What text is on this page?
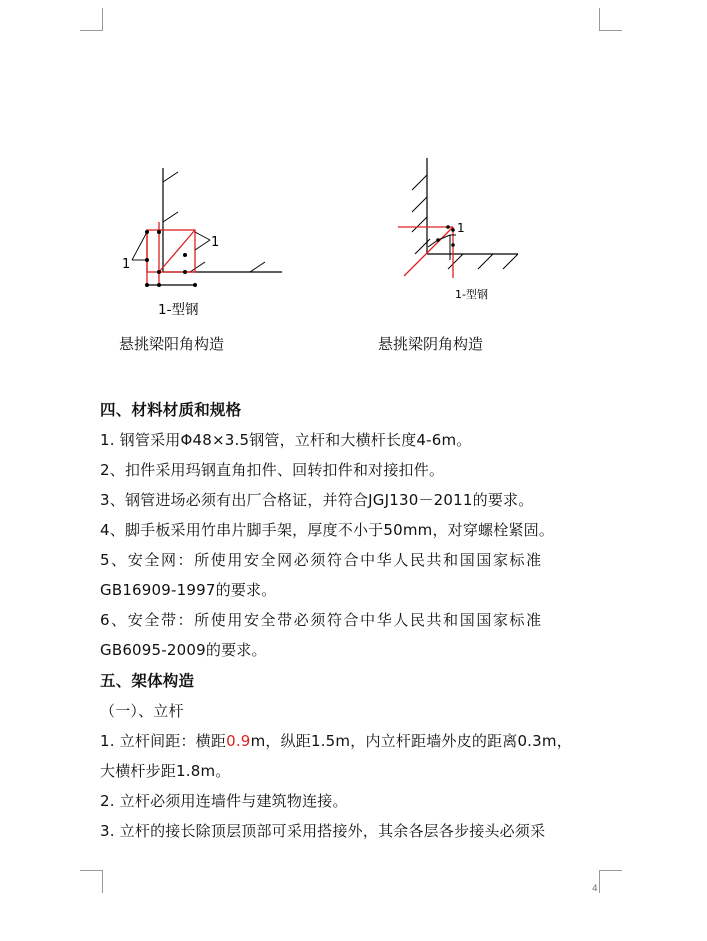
1
1
1-型钢
1
1-型钢
悬挑梁阳角构造	悬挑梁阴角构造
四、材料材质和规格
1. 钢管采用Φ48×3.5钢管，立杆和大横杆长度4-6m。
2、扣件采用玛钢直角扣件、回转扣件和对接扣件。
3、钢管进场必须有出厂合格证，并符合JGJ130－2011的要求。
4、脚手板采用竹串片脚手架，厚度不小于50mm，对穿螺栓紧固。
5、安全网：所使用安全网必须符合中华人民共和国国家标准
GB16909-1997的要求。
6、安全带：所使用安全带必须符合中华人民共和国国家标准
GB6095-2009的要求。
五、架体构造
（一）、立杆
1. 立杆间距：横距0.9m，纵距1.5m，内立杆距墙外皮的距离0.3m，
大横杆步距1.8m。
2. 立杆必须用连墙件与建筑物连接。
3. 立杆的接长除顶层顶部可采用搭接外，其余各层各步接头必须采
4
